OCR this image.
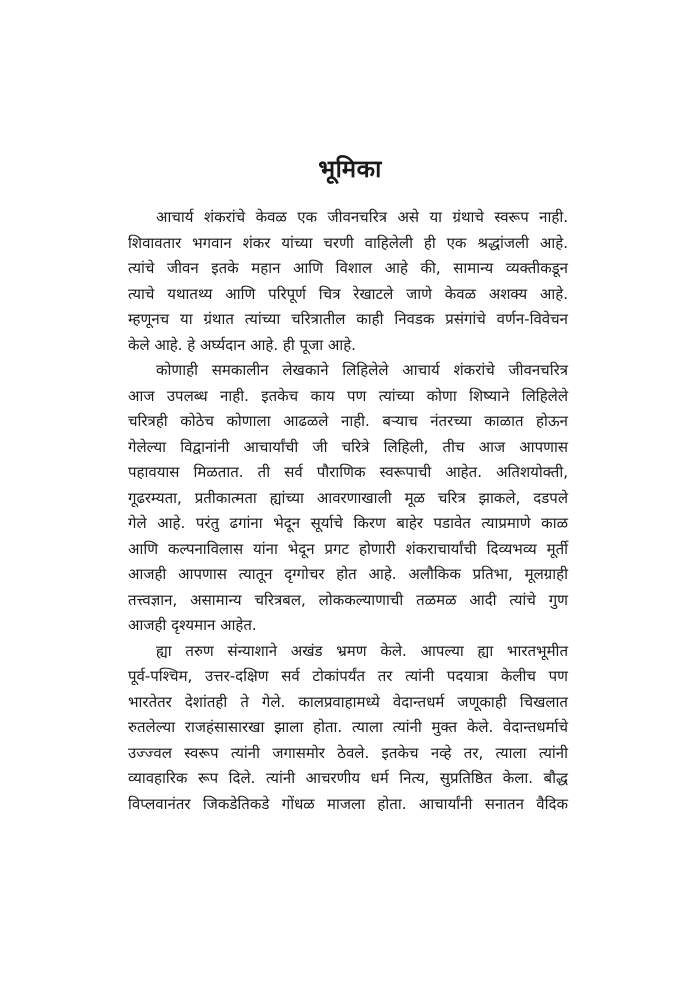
भूमिका
आचार्य शंकरांचे केवळ एक जीवनचरित्र असे या ग्रंथाचे स्वरूप नाही.
शिवावतार भगवान शंकर यांच्या चरणी वाहिलेली ही एक श्रद्धांजली आहे.
त्यांचे जीवन इतके महान आणि विशाल आहे की, सामान्य व्यक्तीकडून
त्याचे यथातथ्य आणि परिपूर्ण चित्र रेखाटले जाणे केवळ अशक्य आहे.
म्हणूनच या ग्रंथात त्यांच्या चरित्रातील काही निवडक प्रसंगांचे वर्णन-विवेचन
केले आहे. हे अर्घ्यदान आहे. ही पूजा आहे.
कोणाही समकालीन लेखकाने लिहिलेले आचार्य शंकरांचे जीवनचरित्र
आज उपलब्ध नाही. इतकेच काय पण त्यांच्या कोणा शिष्याने लिहिलेले
चरित्रही कोठेच कोणाला आढळले नाही. बऱ्याच नंतरच्या काळात होऊन
गेलेल्या विद्वानांनी आचार्यांची जी चरित्रे लिहिली, तीच आज आपणास
पहावयास मिळतात. ती सर्व पौराणिक स्वरूपाची आहेत. अतिशयोक्ती,
गूढरम्यता, प्रतीकात्मता ह्यांच्या आवरणाखाली मूळ चरित्र झाकले, दडपले
गेले आहे. परंतु ढगांना भेदून सूर्याचे किरण बाहेर पडावेत त्याप्रमाणे काळ
आणि कल्पनाविलास यांना भेदून प्रगट होणारी शंकराचार्यांची दिव्यभव्य मूर्ती
आजही आपणास त्यातून दृग्गोचर होत आहे. अलौकिक प्रतिभा, मूलग्राही
तत्त्वज्ञान, असामान्य चरित्रबल, लोककल्याणाची तळमळ आदी त्यांचे गुण
आजही दृश्यमान आहेत.
ह्या तरुण संन्याशाने अखंड भ्रमण केले. आपल्या ह्या भारतभूमीत
पूर्व-पश्चिम, उत्तर-दक्षिण सर्व टोकांपर्यंत तर त्यांनी पदयात्रा केलीच पण
भारतेतर देशांतही ते गेले. कालप्रवाहामध्ये वेदान्तधर्म जणूकाही चिखलात
रुतलेल्या राजहंसासारखा झाला होता. त्याला त्यांनी मुक्त केले. वेदान्तधर्माचे
उज्ज्वल स्वरूप त्यांनी जगासमोर ठेवले. इतकेच नव्हे तर, त्याला त्यांनी
व्यावहारिक रूप दिले. त्यांनी आचरणीय धर्म नित्य, सुप्रतिष्ठित केला. बौद्ध
विप्लवानंतर जिकडेतिकडे गोंधळ माजला होता. आचार्यांनी सनातन वैदिक
